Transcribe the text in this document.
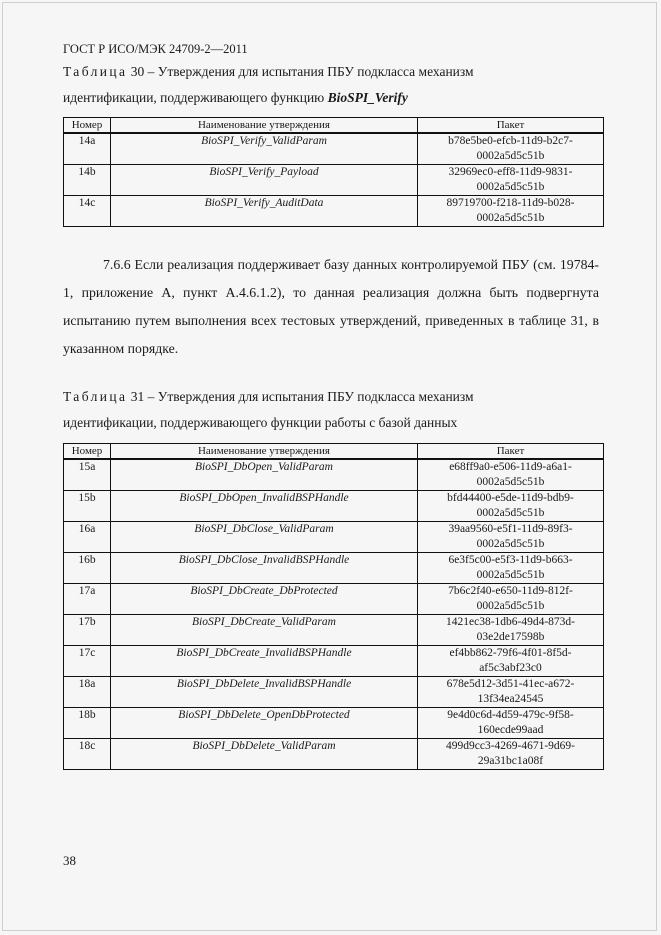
ГОСТ Р ИСО/МЭК 24709-2—2011
Таблица 30 – Утверждения для испытания ПБУ подкласса механизм
идентификации, поддерживающего функцию BioSPI_Verify
Номер	Наименование утверждения	Пакет
14a	BioSPI_Verify_ValidParam	b78e5be0-efcb-11d9-b2c7-
0002a5d5c51b

14b	BioSPI_Verify_Payload	32969ec0-eff8-11d9-9831-
0002a5d5c51b

14c	BioSPI_Verify_AuditData	89719700-f218-11d9-b028-
0002a5d5c51b
7.6.6 Если реализация поддерживает базу данных контролируемой ПБУ (см. 19784-1, приложение А, пункт А.4.6.1.2), то данная реализация должна быть подвергнута испытанию путем выполнения всех тестовых утверждений, приведенных в таблице 31, в указанном порядке.
Таблица 31 – Утверждения для испытания ПБУ подкласса механизм
идентификации, поддерживающего функции работы с базой данных
Номер	Наименование утверждения	Пакет
15a	BioSPI_DbOpen_ValidParam	e68ff9a0-e506-11d9-a6a1-
0002a5d5c51b

15b	BioSPI_DbOpen_InvalidBSPHandle	bfd44400-e5de-11d9-bdb9-
0002a5d5c51b

16a	BioSPI_DbClose_ValidParam	39aa9560-e5f1-11d9-89f3-
0002a5d5c51b

16b	BioSPI_DbClose_InvalidBSPHandle	6e3f5c00-e5f3-11d9-b663-
0002a5d5c51b

17a	BioSPI_DbCreate_DbProtected	7b6c2f40-e650-11d9-812f-
0002a5d5c51b

17b	BioSPI_DbCreate_ValidParam	1421ec38-1db6-49d4-873d-
03e2de17598b

17c	BioSPI_DbCreate_InvalidBSPHandle	ef4bb862-79f6-4f01-8f5d-
af5c3abf23c0

18a	BioSPI_DbDelete_InvalidBSPHandle	678e5d12-3d51-41ec-a672-
13f34ea24545

18b	BioSPI_DbDelete_OpenDbProtected	9e4d0c6d-4d59-479c-9f58-
160ecde99aad

18c	BioSPI_DbDelete_ValidParam	499d9cc3-4269-4671-9d69-
29a31bc1a08f
38
